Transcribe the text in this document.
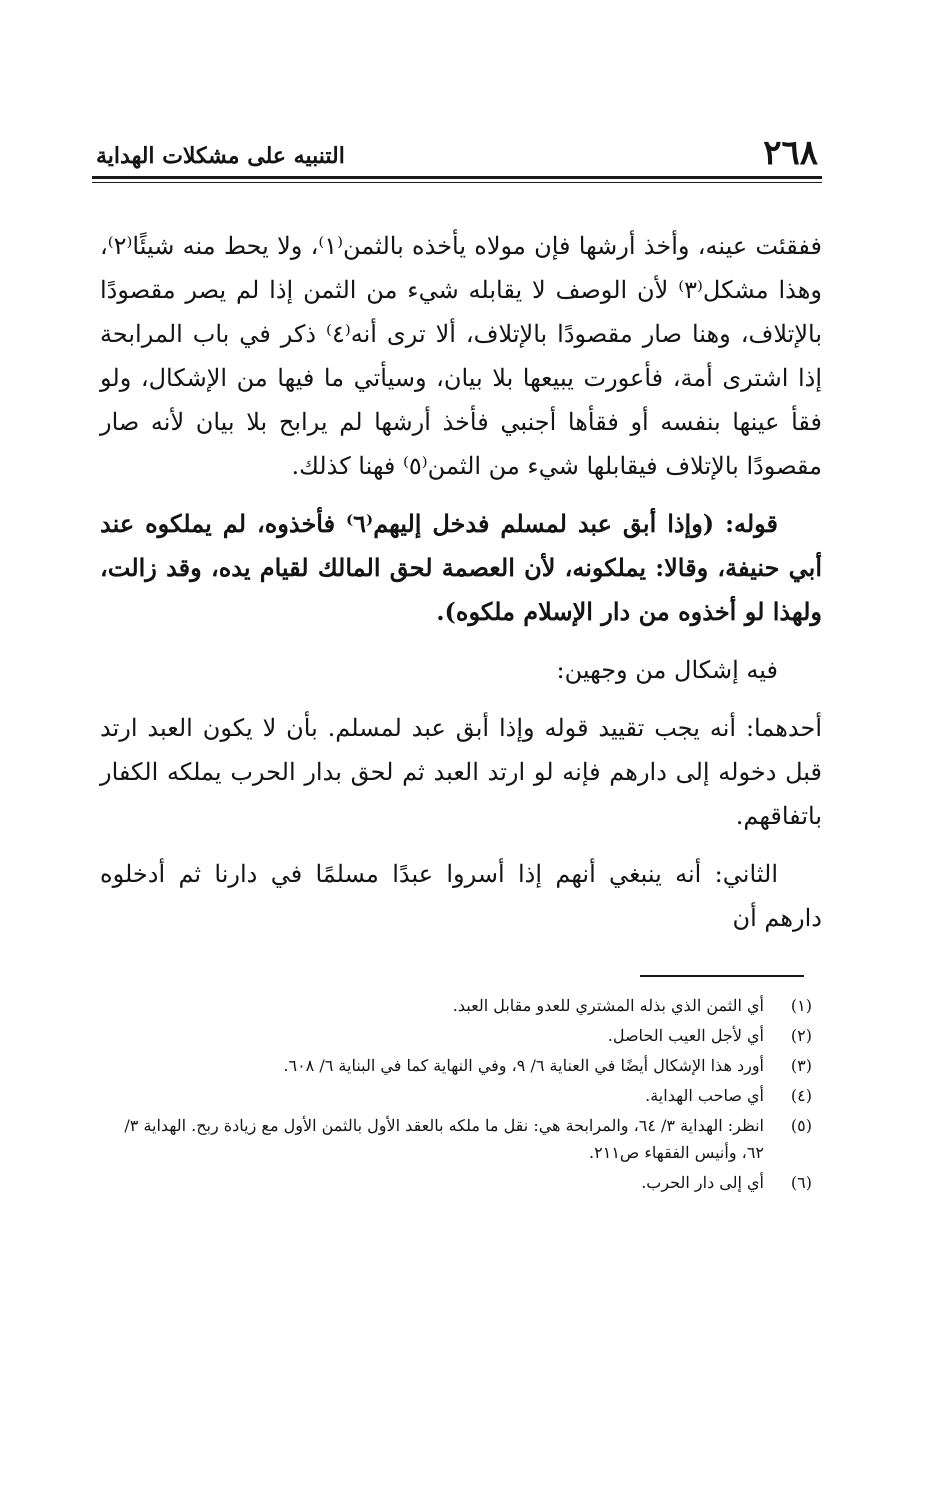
٢٦٨
التنبيه على مشكلات الهداية

ففقئت عينه، وأخذ أرشها فإن مولاه يأخذه بالثمن⁽١⁾، ولا يحط منه شيئًا⁽٢⁾، وهذا مشكل⁽٣⁾ لأن الوصف لا يقابله شيء من الثمن إذا لم يصر مقصودًا بالإتلاف، وهنا صار مقصودًا بالإتلاف، ألا ترى أنه⁽٤⁾ ذكر في باب المرابحة إذا اشترى أمة، فأعورت يبيعها بلا بيان، وسيأتي ما فيها من الإشكال، ولو فقأ عينها بنفسه أو فقأها أجنبي فأخذ أرشها لم يرابح بلا بيان لأنه صار مقصودًا بالإتلاف فيقابلها شيء من الثمن⁽٥⁾ فهنا كذلك.

قوله: (وإذا أبق عبد لمسلم فدخل إليهم⁽٦⁾ فأخذوه، لم يملكوه عند أبي حنيفة، وقالا: يملكونه، لأن العصمة لحق المالك لقيام يده، وقد زالت، ولهذا لو أخذوه من دار الإسلام ملكوه).

فيه إشكال من وجهين:

أحدهما: أنه يجب تقييد قوله وإذا أبق عبد لمسلم. بأن لا يكون العبد ارتد قبل دخوله إلى دارهم فإنه لو ارتد العبد ثم لحق بدار الحرب يملكه الكفار باتفاقهم.

الثاني: أنه ينبغي أنهم إذا أسروا عبدًا مسلمًا في دارنا ثم أدخلوه دارهم أن

(١)أي الثمن الذي بذله المشتري للعدو مقابل العبد.

(٢)أي لأجل العيب الحاصل.

(٣)أورد هذا الإشكال أيضًا في العناية ٦/ ٩، وفي النهاية كما في البناية ٦/ ٦٠٨.

(٤)أي صاحب الهداية.

(٥)انظر: الهداية ٣/ ٦٤، والمرابحة هي: نقل ما ملكه بالعقد الأول بالثمن الأول مع زيادة ربح. الهداية ٣/ ٦٢، وأنيس الفقهاء ص٢١١.

(٦)أي إلى دار الحرب.
